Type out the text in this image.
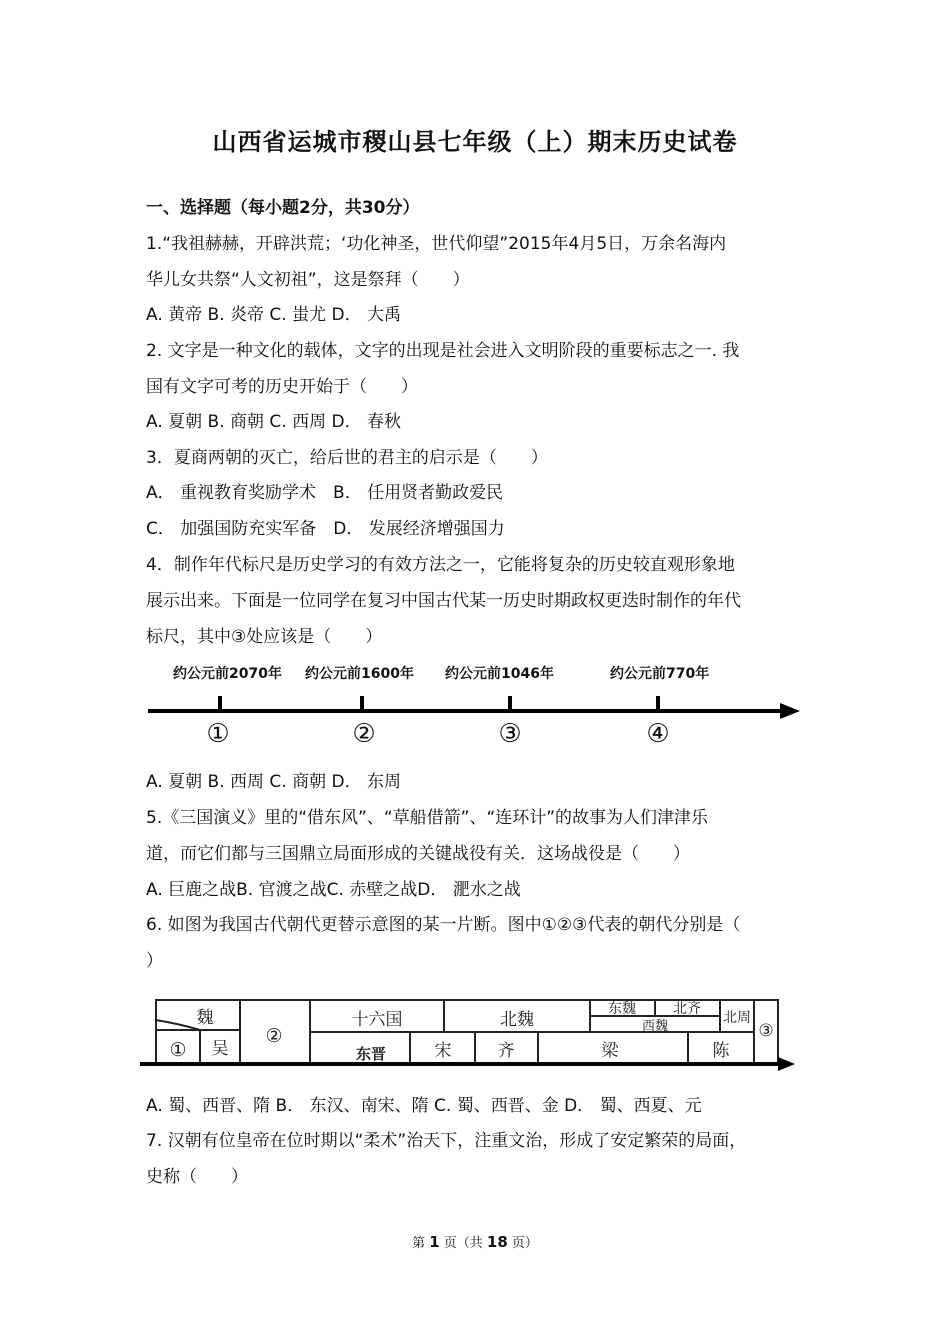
山西省运城市稷山县七年级（上）期末历史试卷
一、选择题（每小题2分，共30分）
1.“我祖赫赫，开辟洪荒；‘功化神圣，世代仰望”2015年4月5日，万余名海内
华儿女共祭“人文初祖”，这是祭拜（　　）
A. 黄帝 B. 炎帝 C. 蚩尤 D． 大禹
2. 文字是一种文化的载体，文字的出现是社会进入文明阶段的重要标志之一. 我
国有文字可考的历史开始于（　　）
A. 夏朝 B. 商朝 C. 西周 D． 春秋
3．夏商两朝的灭亡，给后世的君主的启示是（　　）
A． 重视教育奖励学术　B． 任用贤者勤政爱民
C． 加强国防充实军备　D． 发展经济增强国力
4．制作年代标尺是历史学习的有效方法之一，它能将复杂的历史较直观形象地
展示出来。下面是一位同学在复习中国古代某一历史时期政权更迭时制作的年代
标尺，其中③处应该是（　　）
约公元前2070年 约公元前1600年 约公元前1046年	约公元前770年
①	②	③	④
A. 夏朝 B. 西周 C. 商朝 D． 东周
5.《三国演义》里的“借东风”、“草船借箭”、“连环计”的故事为人们津津乐
道，而它们都与三国鼎立局面形成的关键战役有关．这场战役是（　　）
A. 巨鹿之战B. 官渡之战C. 赤壁之战D． 淝水之战
6. 如图为我国古代朝代更替示意图的某一片断。图中①②③代表的朝代分别是（
）
魏
① 吴
②
十六国	北魏
东魏	北齐
西魏
北周
③
东晋	宋	齐	梁	陈
A. 蜀、西晋、隋 B． 东汉、南宋、隋 C. 蜀、西晋、金 D． 蜀、西夏、元
7. 汉朝有位皇帝在位时期以“柔术”治天下，注重文治，形成了安定繁荣的局面，
史称（　　）
第 1 页（共 18 页）
